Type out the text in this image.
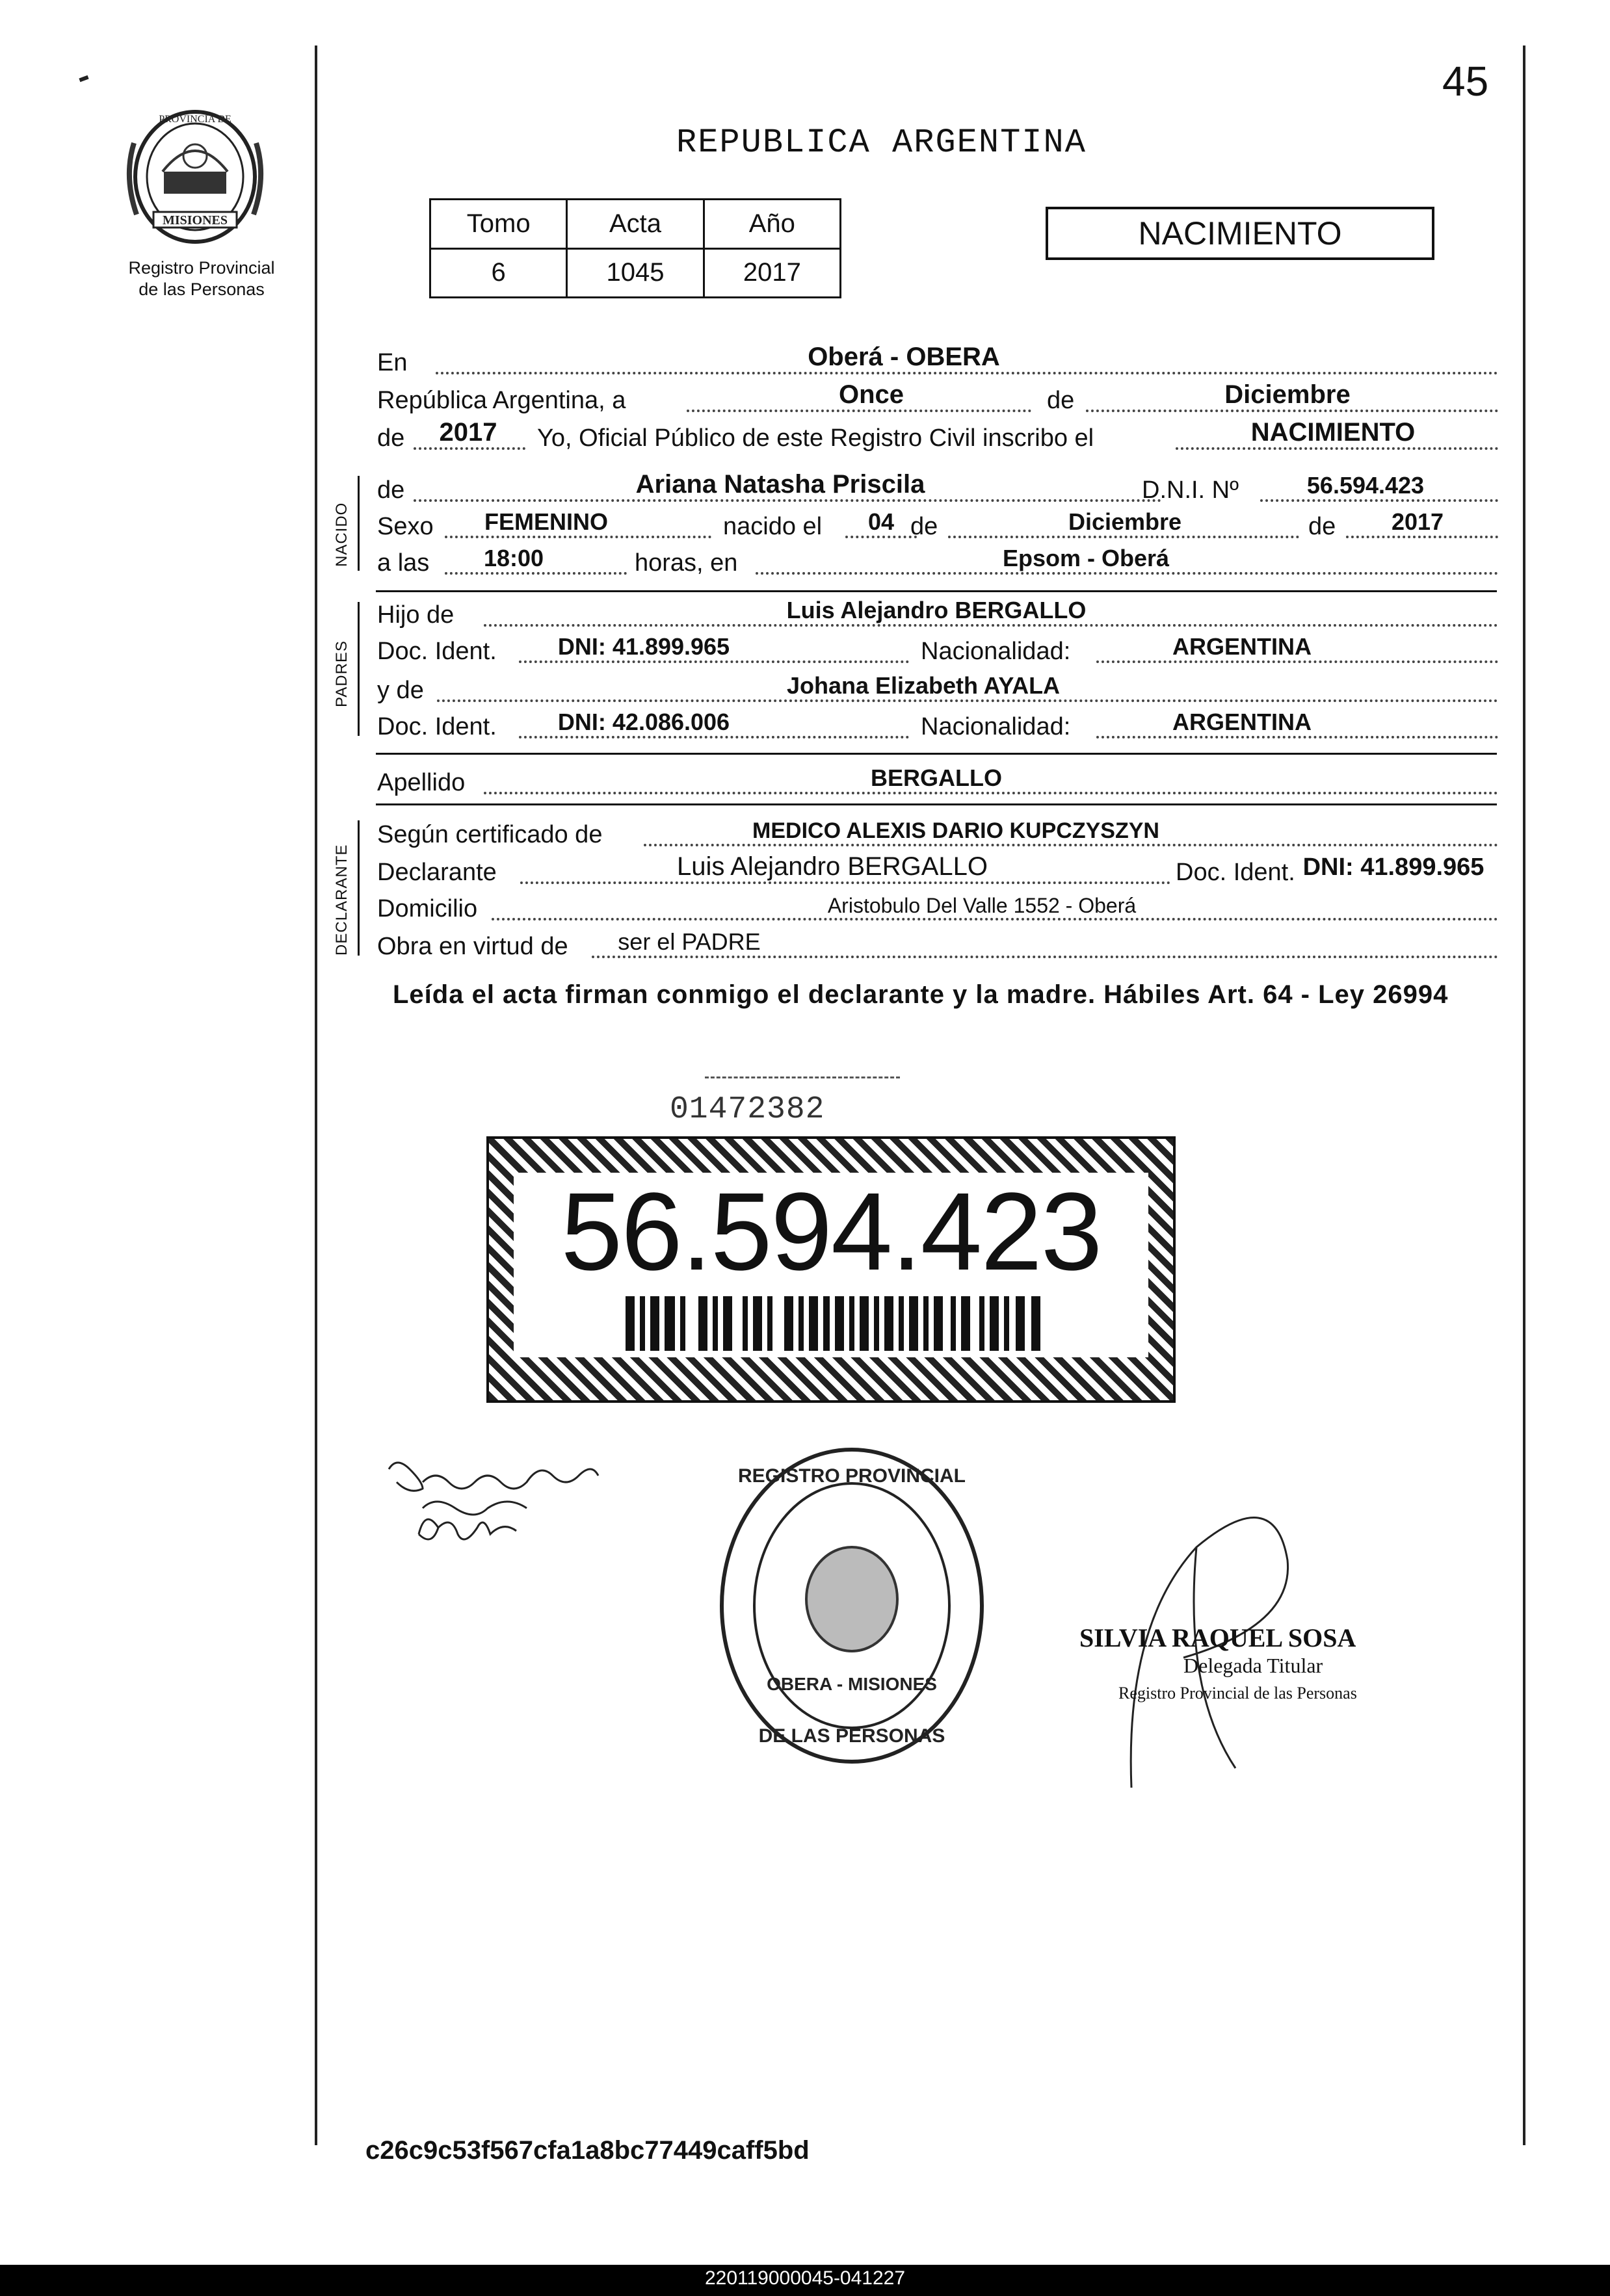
MISIONES
PROVINCIA DE
Registro Provincial
de las Personas
45
REPUBLICA ARGENTINA
Tomo	Acta	Año
6	1045	2017
NACIMIENTO
En	Oberá - OBERA
República Argentina, a	Once	de	Diciembre
de	2017	Yo, Oficial Público de este Registro Civil inscribo el	NACIMIENTO
NACIDO
de	Ariana Natasha Priscila	D.N.I. Nº	56.594.423
Sexo	FEMENINO	nacido el	04 de	Diciembre	de	2017
a las	18:00	horas, en	Epsom - Oberá
PADRES
Hijo de	Luis Alejandro BERGALLO
Doc. Ident.	DNI: 41.899.965	Nacionalidad:	ARGENTINA
y de	Johana Elizabeth AYALA
Doc. Ident.	DNI: 42.086.006	Nacionalidad:	ARGENTINA
Apellido	BERGALLO
DECLARANTE
Según certificado de	MEDICO ALEXIS DARIO KUPCZYSZYN
Declarante	Luis Alejandro BERGALLO	Doc. Ident. DNI: 41.899.965
Domicilio	Aristobulo Del Valle 1552 - Oberá
Obra en virtud de	ser el PADRE
Leída el acta firman conmigo el declarante y la madre. Hábiles Art. 64 - Ley 26994
01472382
56.594.423
REGISTRO PROVINCIAL
DE LAS PERSONAS
OBERA - MISIONES
SILVIA RAQUEL SOSA
Delegada Titular
Registro Provincial de las Personas
c26c9c53f567cfa1a8bc77449caff5bd
220119000045-041227
